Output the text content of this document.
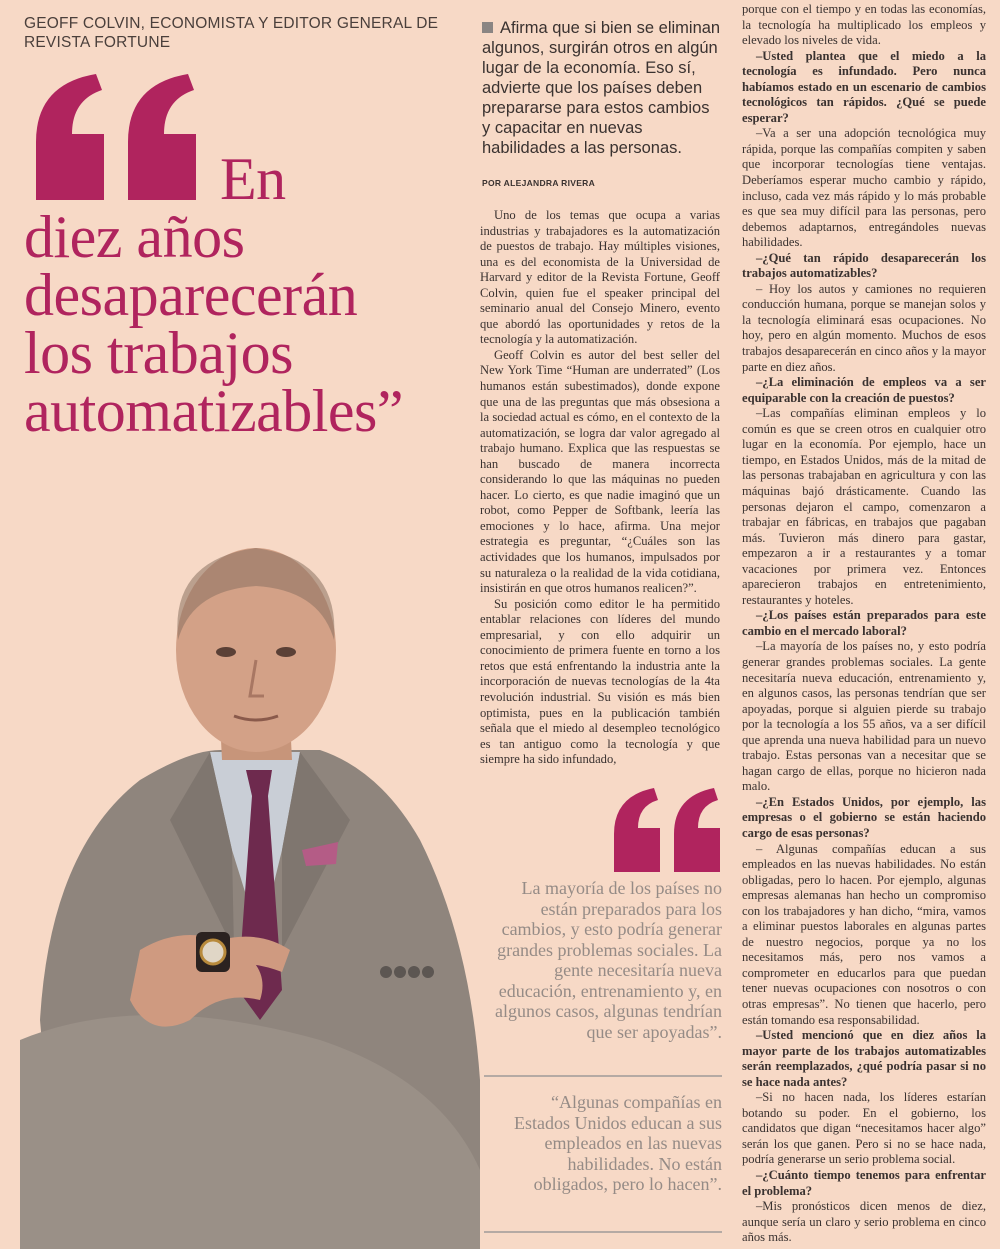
GEOFF COLVIN, ECONOMISTA Y EDITOR GENERAL DE REVISTA FORTUNE
En
diez años
desaparecerán
los trabajos
automatizables”
Afirma que si bien se eliminan algunos, surgirán otros en algún lugar de la economía. Eso sí, advierte que los países deben prepararse para estos cambios y capacitar en nuevas habilidades a las personas.
POR ALEJANDRA RIVERA

Uno de los temas que ocupa a varias industrias y trabajadores es la automatización de puestos de trabajo. Hay múltiples visiones, una es del economista de la Universidad de Harvard y editor de la Revista Fortune, Geoff Colvin, quien fue el speaker principal del seminario anual del Consejo Minero, evento que abordó las oportunidades y retos de la tecnología y la automatización.

Geoff Colvin es autor del best seller del New York Time “Human are underrated” (Los humanos están subestimados), donde expone que una de las preguntas que más obsesiona a la sociedad actual es cómo, en el contexto de la automatización, se logra dar valor agregado al trabajo humano. Explica que las respuestas se han buscado de manera incorrecta considerando lo que las máquinas no pueden hacer. Lo cierto, es que nadie imaginó que un robot, como Pepper de Softbank, leería las emociones y lo hace, afirma. Una mejor estrategia es preguntar, “¿Cuáles son las actividades que los humanos, impulsados por su naturaleza o la realidad de la vida cotidiana, insistirán en que otros humanos realicen?”.

Su posición como editor le ha permitido entablar relaciones con líderes del mundo empresarial, y con ello adquirir un conocimiento de primera fuente en torno a los retos que está enfrentando la industria ante la incorporación de nuevas tecnologías de la 4ta revolución industrial. Su visión es más bien optimista, pues en la publicación también señala que el miedo al desempleo tecnológico es tan antiguo como la tecnología y que siempre ha sido infundado,

La mayoría de los países no están preparados para los cambios, y esto podría generar grandes problemas sociales. La gente necesitaría nueva educación, entrenamiento y, en algunos casos, algunas tendrían que ser apoyadas”.
“Algunas compañías en Estados Unidos educan a sus empleados en las nuevas habilidades. No están obligados, pero lo hacen”.

porque con el tiempo y en todas las economías, la tecnología ha multiplicado los empleos y elevado los niveles de vida.

–Usted plantea que el miedo a la tecnología es infundado. Pero nunca habíamos estado en un escenario de cambios tecnológicos tan rápidos. ¿Qué se puede esperar?

–Va a ser una adopción tecnológica muy rápida, porque las compañías compiten y saben que incorporar tecnologías tiene ventajas. Deberíamos esperar mucho cambio y rápido, incluso, cada vez más rápido y lo más probable es que sea muy difícil para las personas, pero debemos adaptarnos, entregándoles nuevas habilidades.

–¿Qué tan rápido desaparecerán los trabajos automatizables?

– Hoy los autos y camiones no requieren conducción humana, porque se manejan solos y la tecnología eliminará esas ocupaciones. No hoy, pero en algún momento. Muchos de esos trabajos desaparecerán en cinco años y la mayor parte en diez años.

–¿La eliminación de empleos va a ser equiparable con la creación de puestos?

–Las compañías eliminan empleos y lo común es que se creen otros en cualquier otro lugar en la economía. Por ejemplo, hace un tiempo, en Estados Unidos, más de la mitad de las personas trabajaban en agricultura y con las máquinas bajó drásticamente. Cuando las personas dejaron el campo, comenzaron a trabajar en fábricas, en trabajos que pagaban más. Tuvieron más dinero para gastar, empezaron a ir a restaurantes y a tomar vacaciones por primera vez. Entonces aparecieron trabajos en entretenimiento, restaurantes y hoteles.

–¿Los países están preparados para este cambio en el mercado laboral?

–La mayoría de los países no, y esto podría generar grandes problemas sociales. La gente necesitaría nueva educación, entrenamiento y, en algunos casos, las personas tendrían que ser apoyadas, porque si alguien pierde su trabajo por la tecnología a los 55 años, va a ser difícil que aprenda una nueva habilidad para un nuevo trabajo. Estas personas van a necesitar que se hagan cargo de ellas, porque no hicieron nada malo.

–¿En Estados Unidos, por ejemplo, las empresas o el gobierno se están haciendo cargo de esas personas?

– Algunas compañías educan a sus empleados en las nuevas habilidades. No están obligadas, pero lo hacen. Por ejemplo, algunas empresas alemanas han hecho un compromiso con los trabajadores y han dicho, “mira, vamos a eliminar puestos laborales en algunas partes de nuestro negocios, porque ya no los necesitamos más, pero nos vamos a comprometer en educarlos para que puedan tener nuevas ocupaciones con nosotros o con otras empresas”. No tienen que hacerlo, pero están tomando esa responsabilidad.

–Usted mencionó que en diez años la mayor parte de los trabajos automatizables serán reemplazados, ¿qué podría pasar si no se hace nada antes?

–Si no hacen nada, los líderes estarían botando su poder. En el gobierno, los candidatos que digan “necesitamos hacer algo” serán los que ganen. Pero si no se hace nada, podría generarse un serio problema social.

–¿Cuánto tiempo tenemos para enfrentar el problema?

–Mis pronósticos dicen menos de diez, aunque sería un claro y serio problema en cinco años más.
